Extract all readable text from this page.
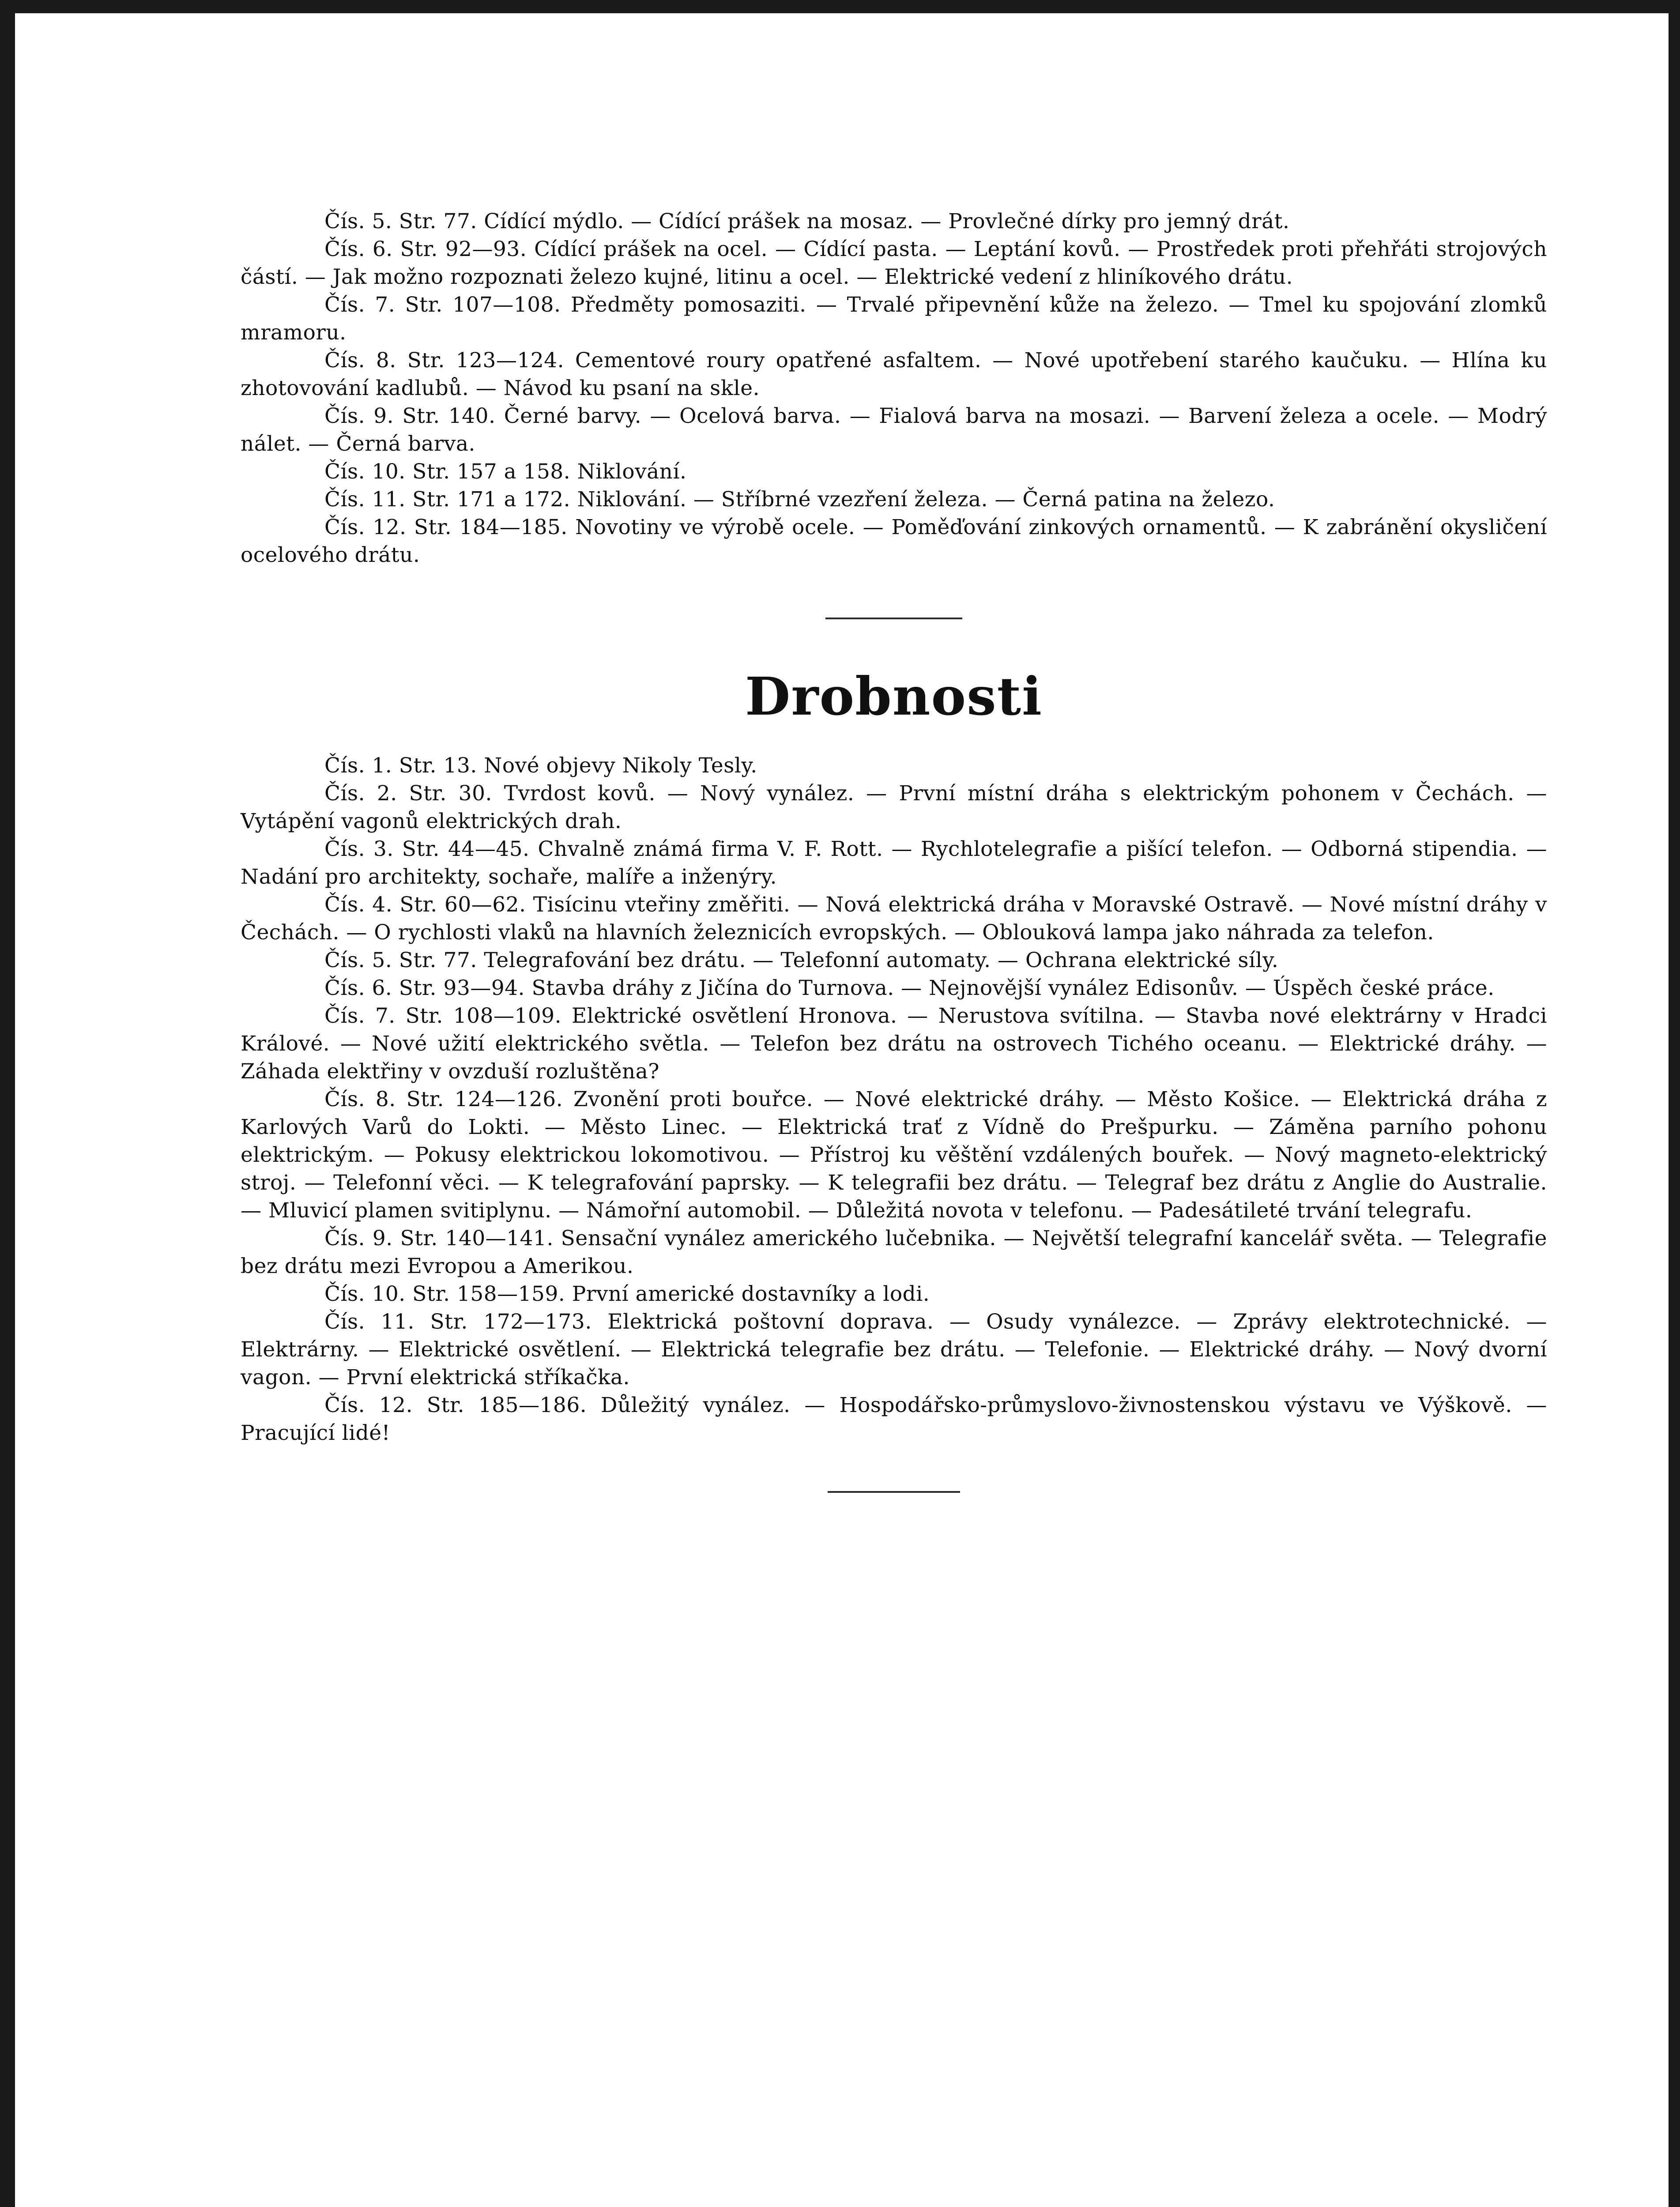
Čís. 5. Str. 77. Cídící mýdlo. — Cídící prášek na mosaz. — Provlečné dírky pro jemný drát.

Čís. 6. Str. 92—93. Cídící prášek na ocel. — Cídící pasta. — Leptání kovů. — Prostředek proti přehřáti strojových částí. — Jak možno rozpoznati železo kujné, litinu a ocel. — Elektrické vedení z hliníkového drátu.

Čís. 7. Str. 107—108. Předměty pomosaziti. — Trvalé připevnění kůže na železo. — Tmel ku spojování zlomků mramoru.

Čís. 8. Str. 123—124. Cementové roury opatřené asfaltem. — Nové upotřebení starého kaučuku. — Hlína ku zhotovování kadlubů. — Návod ku psaní na skle.

Čís. 9. Str. 140. Černé barvy. — Ocelová barva. — Fialová barva na mosazi. — Barvení železa a ocele. — Modrý nálet. — Černá barva.

Čís. 10. Str. 157 a 158. Niklování.

Čís. 11. Str. 171 a 172. Niklování. — Stříbrné vzezření železa. — Černá patina na železo.

Čís. 12. Str. 184—185. Novotiny ve výrobě ocele. — Poměďování zinkových ornamentů. — K zabránění okysličení ocelového drátu.

Drobnosti

Čís. 1. Str. 13. Nové objevy Nikoly Tesly.

Čís. 2. Str. 30. Tvrdost kovů. — Nový vynález. — První místní dráha s elektrickým pohonem v Čechách. — Vytápění vagonů elektrických drah.

Čís. 3. Str. 44—45. Chvalně známá firma V. F. Rott. — Rychlotelegrafie a pišící telefon. — Odborná stipendia. — Nadání pro architekty, sochaře, malíře a inženýry.

Čís. 4. Str. 60—62. Tisícinu vteřiny změřiti. — Nová elektrická dráha v Moravské Ostravě. — Nové místní dráhy v Čechách. — O rychlosti vlaků na hlavních železnicích evropských. — Oblouková lampa jako náhrada za telefon.

Čís. 5. Str. 77. Telegrafování bez drátu. — Telefonní automaty. — Ochrana elektrické síly.

Čís. 6. Str. 93—94. Stavba dráhy z Jičína do Turnova. — Nejnovější vynález Edisonův. — Úspěch české práce.

Čís. 7. Str. 108—109. Elektrické osvětlení Hronova. — Nerustova svítilna. — Stavba nové elektrárny v Hradci Králové. — Nové užití elektrického světla. — Telefon bez drátu na ostrovech Tichého oceanu. — Elektrické dráhy. — Záhada elektřiny v ovzduší rozluštěna?

Čís. 8. Str. 124—126. Zvonění proti bouřce. — Nové elektrické dráhy. — Město Košice. — Elektrická dráha z Karlových Varů do Lokti. — Město Linec. — Elektrická trať z Vídně do Prešpurku. — Záměna parního pohonu elektrickým. — Pokusy elektrickou lokomotivou. — Přístroj ku věštění vzdálených bouřek. — Nový magneto-elektrický stroj. — Telefonní věci. — K telegrafování paprsky. — K telegrafii bez drátu. — Telegraf bez drátu z Anglie do Australie. — Mluvicí plamen svitiplynu. — Námořní automobil. — Důležitá novota v telefonu. — Padesátileté trvání telegrafu.

Čís. 9. Str. 140—141. Sensační vynález amerického lučebnika. — Největší telegrafní kancelář světa. — Telegrafie bez drátu mezi Evropou a Amerikou.

Čís. 10. Str. 158—159. První americké dostavníky a lodi.

Čís. 11. Str. 172—173. Elektrická poštovní doprava. — Osudy vynálezce. — Zprávy elektrotechnické. — Elektrárny. — Elektrické osvětlení. — Elektrická telegrafie bez drátu. — Telefonie. — Elektrické dráhy. — Nový dvorní vagon. — První elektrická stříkačka.

Čís. 12. Str. 185—186. Důležitý vynález. — Hospodářsko-průmyslovo-živnostenskou výstavu ve Výškově. — Pracující lidé!
